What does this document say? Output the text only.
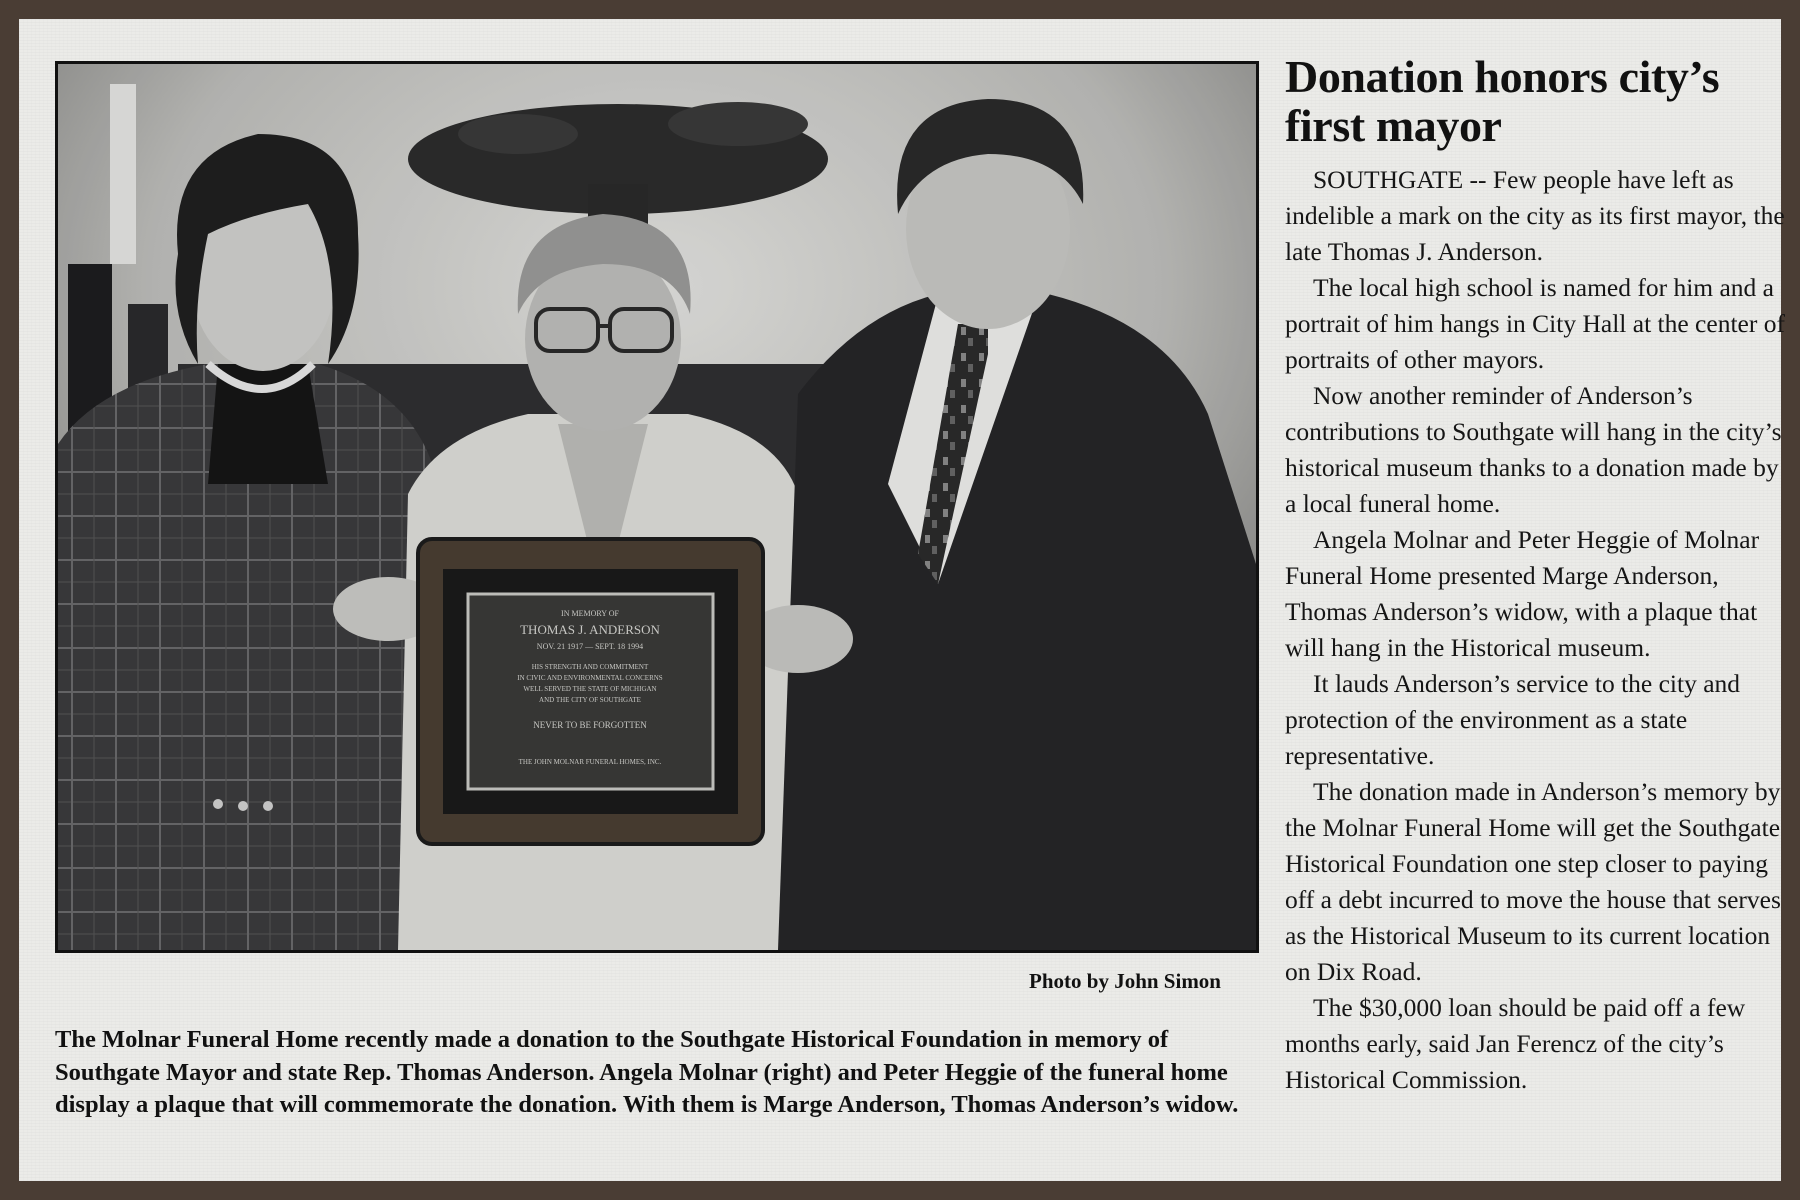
IN MEMORY OF
THOMAS J. ANDERSON
NOV. 21 1917 — SEPT. 18 1994
HIS STRENGTH AND COMMITMENT
IN CIVIC AND ENVIRONMENTAL CONCERNS
WELL SERVED THE STATE OF MICHIGAN
AND THE CITY OF SOUTHGATE
NEVER TO BE FORGOTTEN
THE JOHN MOLNAR FUNERAL HOMES, INC.
Photo by John Simon
The Molnar Funeral Home recently made a donation to the Southgate Historical Foundation in memory of Southgate Mayor and state Rep. Thomas Anderson. Angela Molnar (right) and Peter Heggie of the funeral home display a plaque that will commemorate the donation. With them is Marge Anderson, Thomas Anderson’s widow.
Donation honors city’s first mayor

SOUTHGATE -- Few people have left as indelible a mark on the city as its first mayor, the late Thomas J. Anderson.

The local high school is named for him and a portrait of him hangs in City Hall at the center of portraits of other mayors.

Now another reminder of Anderson’s contributions to Southgate will hang in the city’s historical museum thanks to a donation made by a local funeral home.

Angela Molnar and Peter Heggie of Molnar Funeral Home presented Marge Anderson, Thomas Anderson’s widow, with a plaque that will hang in the Historical museum.

It lauds Anderson’s service to the city and protection of the environment as a state representative.

The donation made in Anderson’s memory by the Molnar Funeral Home will get the Southgate Historical Foundation one step closer to paying off a debt incurred to move the house that serves as the Historical Museum to its current location on Dix Road.

The $30,000 loan should be paid off a few months early, said Jan Ferencz of the city’s Historical Commission.
